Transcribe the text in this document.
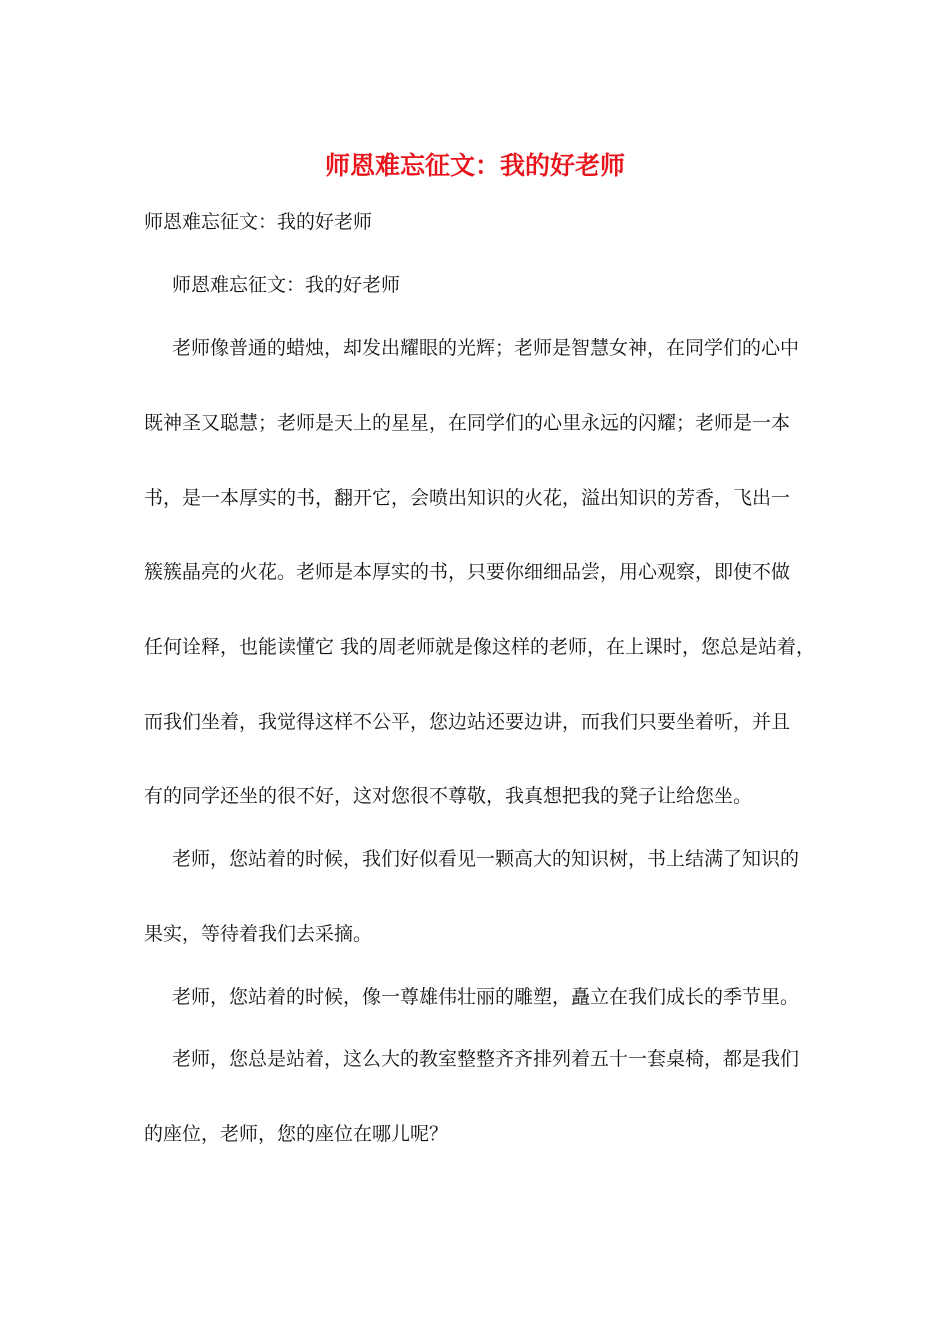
师恩难忘征文：我的好老师

师恩难忘征文：我的好老师

师恩难忘征文：我的好老师

老师像普通的蜡烛，却发出耀眼的光辉；老师是智慧女神，在同学们的心中

既神圣又聪慧；老师是天上的星星，在同学们的心里永远的闪耀；老师是一本

书，是一本厚实的书，翻开它，会喷出知识的火花，溢出知识的芳香，飞出一

簇簇晶亮的火花。老师是本厚实的书，只要你细细品尝，用心观察，即使不做

任何诠释，也能读懂它 我的周老师就是像这样的老师，在上课时，您总是站着，

而我们坐着，我觉得这样不公平，您边站还要边讲，而我们只要坐着听，并且

有的同学还坐的很不好，这对您很不尊敬，我真想把我的凳子让给您坐。

老师，您站着的时候，我们好似看见一颗高大的知识树，书上结满了知识的

果实，等待着我们去采摘。

老师，您站着的时候，像一尊雄伟壮丽的雕塑，矗立在我们成长的季节里。

老师，您总是站着，这么大的教室整整齐齐排列着五十一套桌椅，都是我们

的座位，老师，您的座位在哪儿呢？
